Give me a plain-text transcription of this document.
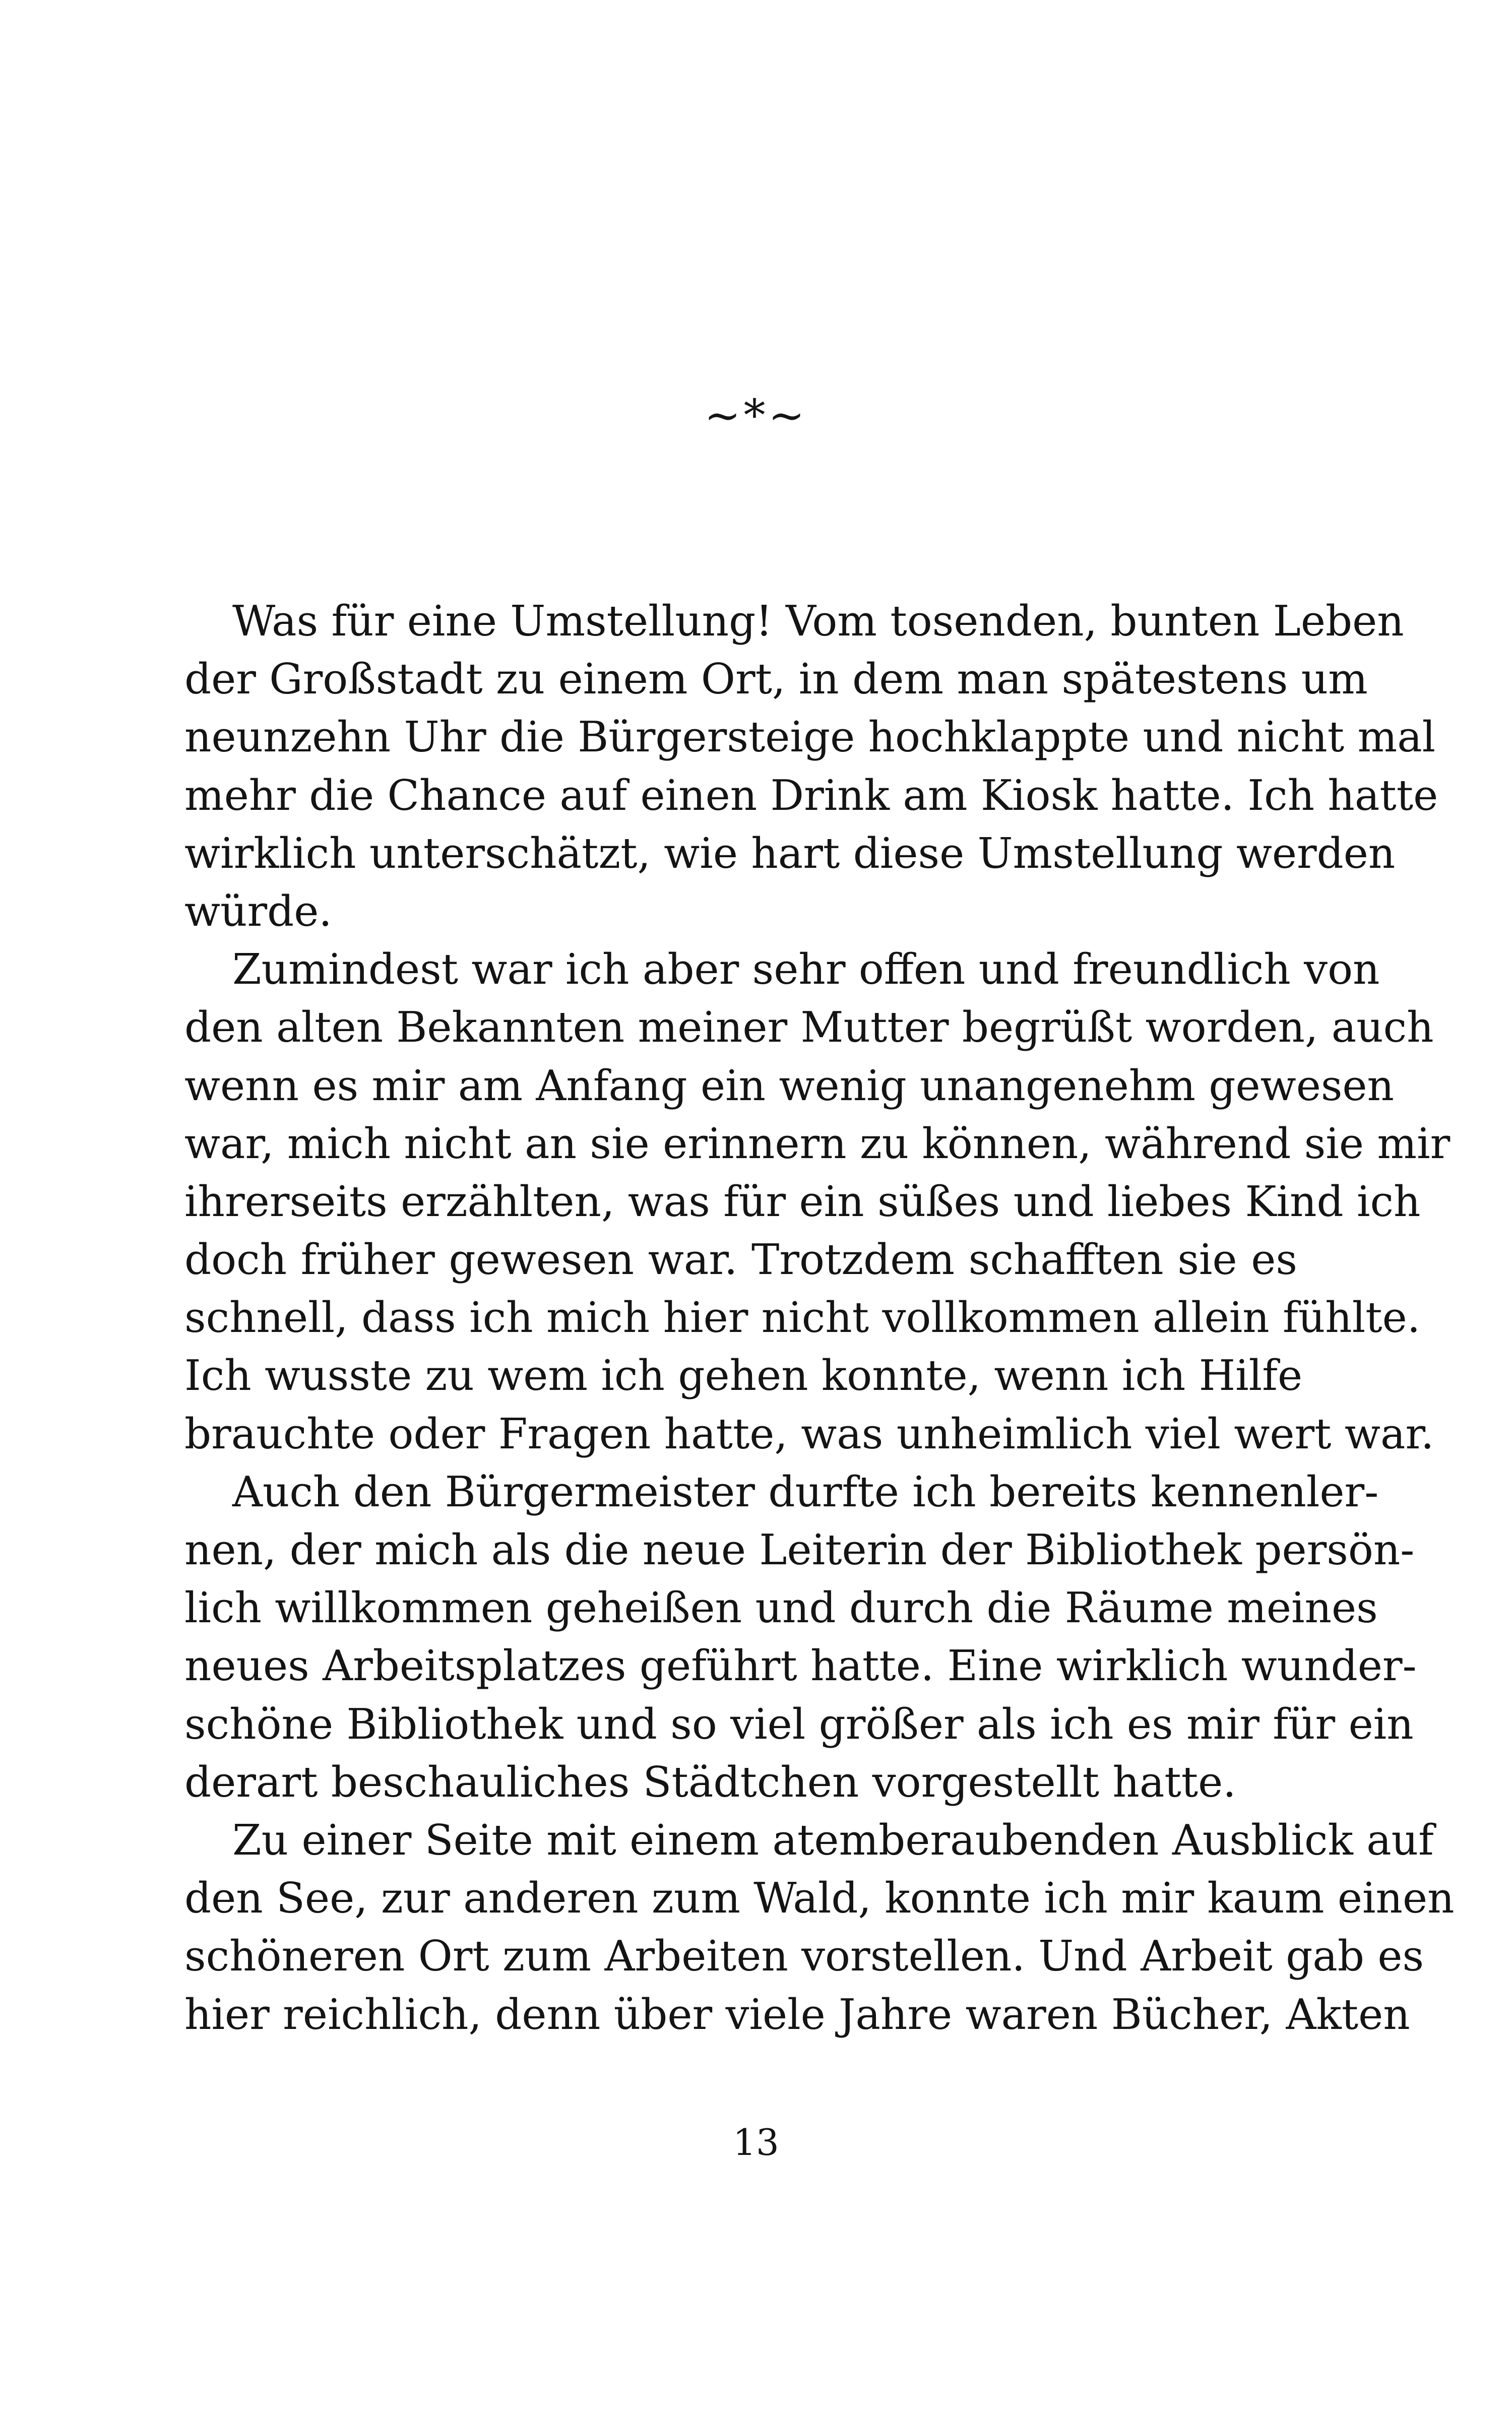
~*~
Was für eine Umstellung! Vom tosenden, bunten Leben
der Großstadt zu einem Ort, in dem man spätestens um
neunzehn Uhr die Bürgersteige hochklappte und nicht mal
mehr die Chance auf einen Drink am Kiosk hatte. Ich hatte
wirklich unterschätzt, wie hart diese Umstellung werden
würde.
Zumindest war ich aber sehr offen und freundlich von
den alten Bekannten meiner Mutter begrüßt worden, auch
wenn es mir am Anfang ein wenig unangenehm gewesen
war, mich nicht an sie erinnern zu können, während sie mir
ihrerseits erzählten, was für ein süßes und liebes Kind ich
doch früher gewesen war. Trotzdem schafften sie es
schnell, dass ich mich hier nicht vollkommen allein fühlte.
Ich wusste zu wem ich gehen konnte, wenn ich Hilfe
brauchte oder Fragen hatte, was unheimlich viel wert war.
Auch den Bürgermeister durfte ich bereits kennenler-
nen, der mich als die neue Leiterin der Bibliothek persön-
lich willkommen geheißen und durch die Räume meines
neues Arbeitsplatzes geführt hatte. Eine wirklich wunder-
schöne Bibliothek und so viel größer als ich es mir für ein
derart beschauliches Städtchen vorgestellt hatte.
Zu einer Seite mit einem atemberaubenden Ausblick auf
den See, zur anderen zum Wald, konnte ich mir kaum einen
schöneren Ort zum Arbeiten vorstellen. Und Arbeit gab es
hier reichlich, denn über viele Jahre waren Bücher, Akten
13
